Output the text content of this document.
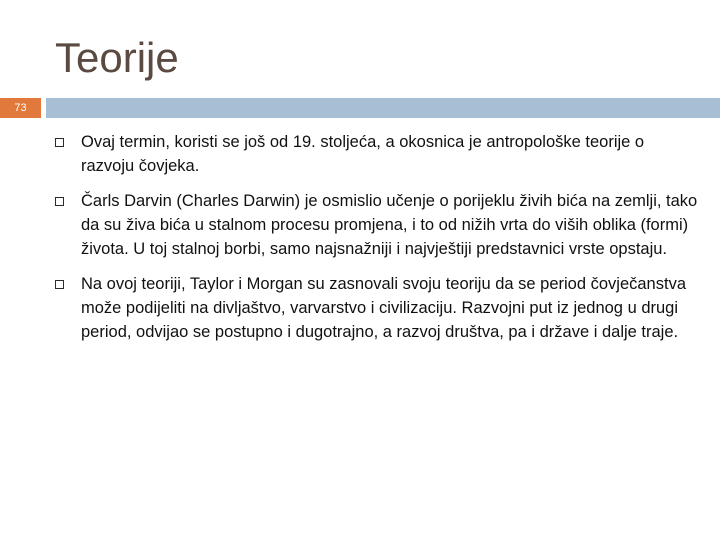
Teorije
73
Ovaj termin, koristi se još od 19. stoljeća, a okosnica je antropološke teorije o razvoju čovjeka.
Čarls Darvin (Charles Darwin) je osmislio učenje o porijeklu živih bića na zemlji, tako da su živa bića u stalnom procesu promjena, i to od nižih vrta do viših oblika (formi) života. U toj stalnoj borbi, samo najsnažniji i najvještiji predstavnici vrste opstaju.
Na ovoj teoriji, Taylor i Morgan su zasnovali svoju teoriju da se period čovječanstva može podijeliti na divljaštvo, varvarstvo i civilizaciju. Razvojni put iz jednog u drugi period, odvijao se postupno i dugotrajno, a razvoj društva, pa i države i dalje traje.
